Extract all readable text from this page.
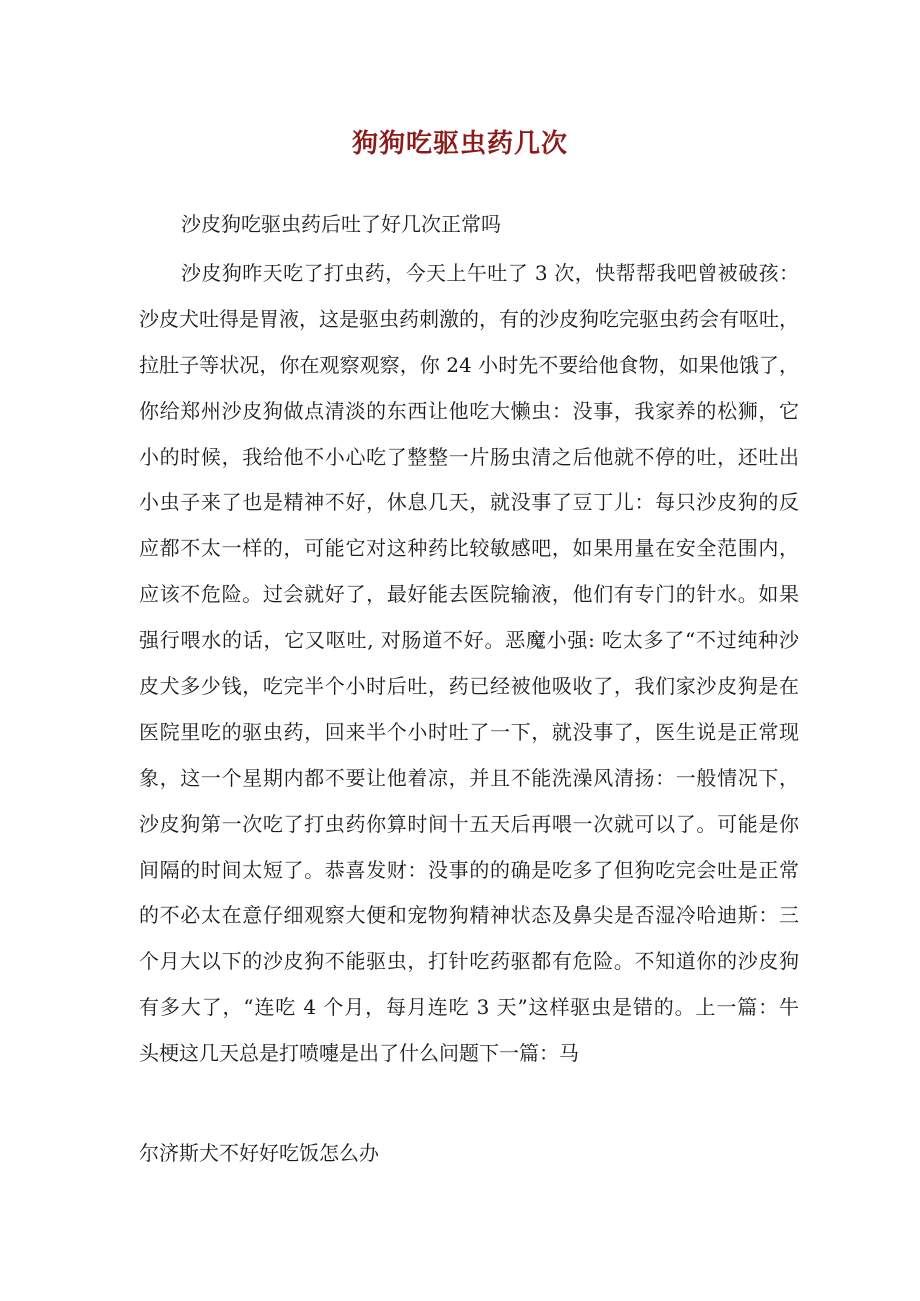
狗狗吃驱虫药几次

沙皮狗吃驱虫药后吐了好几次正常吗

沙皮狗昨天吃了打虫药，今天上午吐了 3 次，快帮帮我吧曾被破孩：
沙皮犬吐得是胃液，这是驱虫药刺激的，有的沙皮狗吃完驱虫药会有呕吐，
拉肚子等状况，你在观察观察，你 24 小时先不要给他食物，如果他饿了，
你给郑州沙皮狗做点清淡的东西让他吃大懒虫：没事，我家养的松狮，它
小的时候，我给他不小心吃了整整一片肠虫清之后他就不停的吐，还吐出
小虫子来了也是精神不好，休息几天，就没事了豆丁儿：每只沙皮狗的反
应都不太一样的，可能它对这种药比较敏感吧，如果用量在安全范围内，
应该不危险。过会就好了，最好能去医院输液，他们有专门的针水。如果
强行喂水的话，它又呕吐, 对肠道不好。恶魔小强: 吃太多了“不过纯种沙
皮犬多少钱，吃完半个小时后吐，药已经被他吸收了，我们家沙皮狗是在
医院里吃的驱虫药，回来半个小时吐了一下，就没事了，医生说是正常现
象，这一个星期内都不要让他着凉，并且不能洗澡风清扬：一般情况下，
沙皮狗第一次吃了打虫药你算时间十五天后再喂一次就可以了。可能是你
间隔的时间太短了。恭喜发财：没事的的确是吃多了但狗吃完会吐是正常
的不必太在意仔细观察大便和宠物狗精神状态及鼻尖是否湿冷哈迪斯：三
个月大以下的沙皮狗不能驱虫，打针吃药驱都有危险。不知道你的沙皮狗
有多大了，“连吃 4 个月，每月连吃 3 天”这样驱虫是错的。上一篇：牛
头梗这几天总是打喷嚏是出了什么问题下一篇：马
尔济斯犬不好好吃饭怎么办
